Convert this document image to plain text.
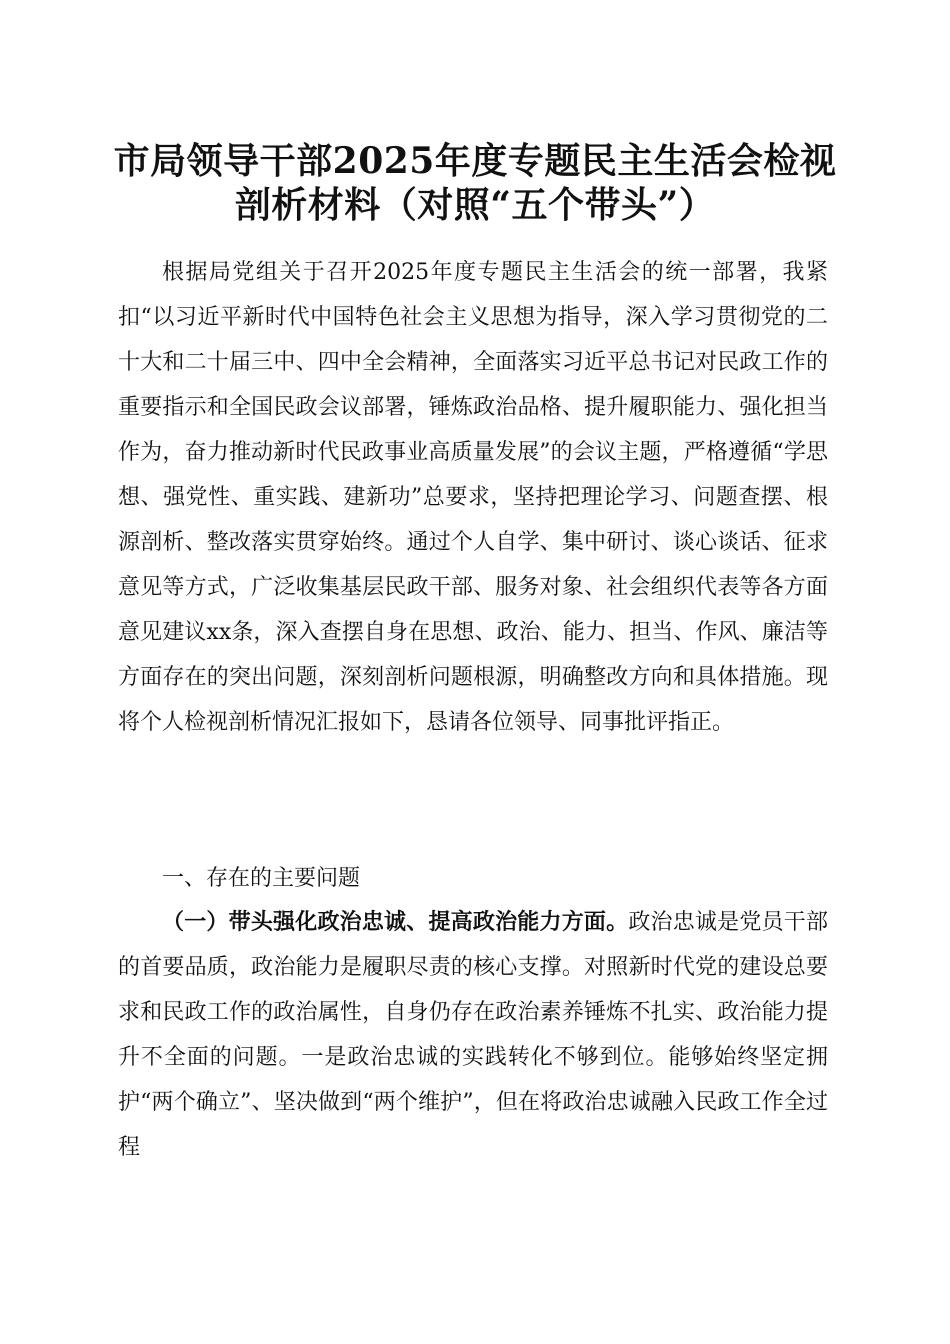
市局领导干部2025年度专题民主生活会检视
剖析材料（对照“五个带头”）

根据局党组关于召开2025年度专题民主生活会的统一部署，我紧扣“以习近平新时代中国特色社会主义思想为指导，深入学习贯彻党的二十大和二十届三中、四中全会精神，全面落实习近平总书记对民政工作的重要指示和全国民政会议部署，锤炼政治品格、提升履职能力、强化担当作为，奋力推动新时代民政事业高质量发展”的会议主题，严格遵循“学思想、强党性、重实践、建新功”总要求，坚持把理论学习、问题查摆、根源剖析、整改落实贯穿始终。通过个人自学、集中研讨、谈心谈话、征求意见等方式，广泛收集基层民政干部、服务对象、社会组织代表等各方面意见建议xx条，深入查摆自身在思想、政治、能力、担当、作风、廉洁等方面存在的突出问题，深刻剖析问题根源，明确整改方向和具体措施。现将个人检视剖析情况汇报如下，恳请各位领导、同事批评指正。

一、存在的主要问题

（一）带头强化政治忠诚、提高政治能力方面。政治忠诚是党员干部的首要品质，政治能力是履职尽责的核心支撑。对照新时代党的建设总要求和民政工作的政治属性，自身仍存在政治素养锤炼不扎实、政治能力提升不全面的问题。一是政治忠诚的实践转化不够到位。能够始终坚定拥护“两个确立”、坚决做到“两个维护”，但在将政治忠诚融入民政工作全过程
